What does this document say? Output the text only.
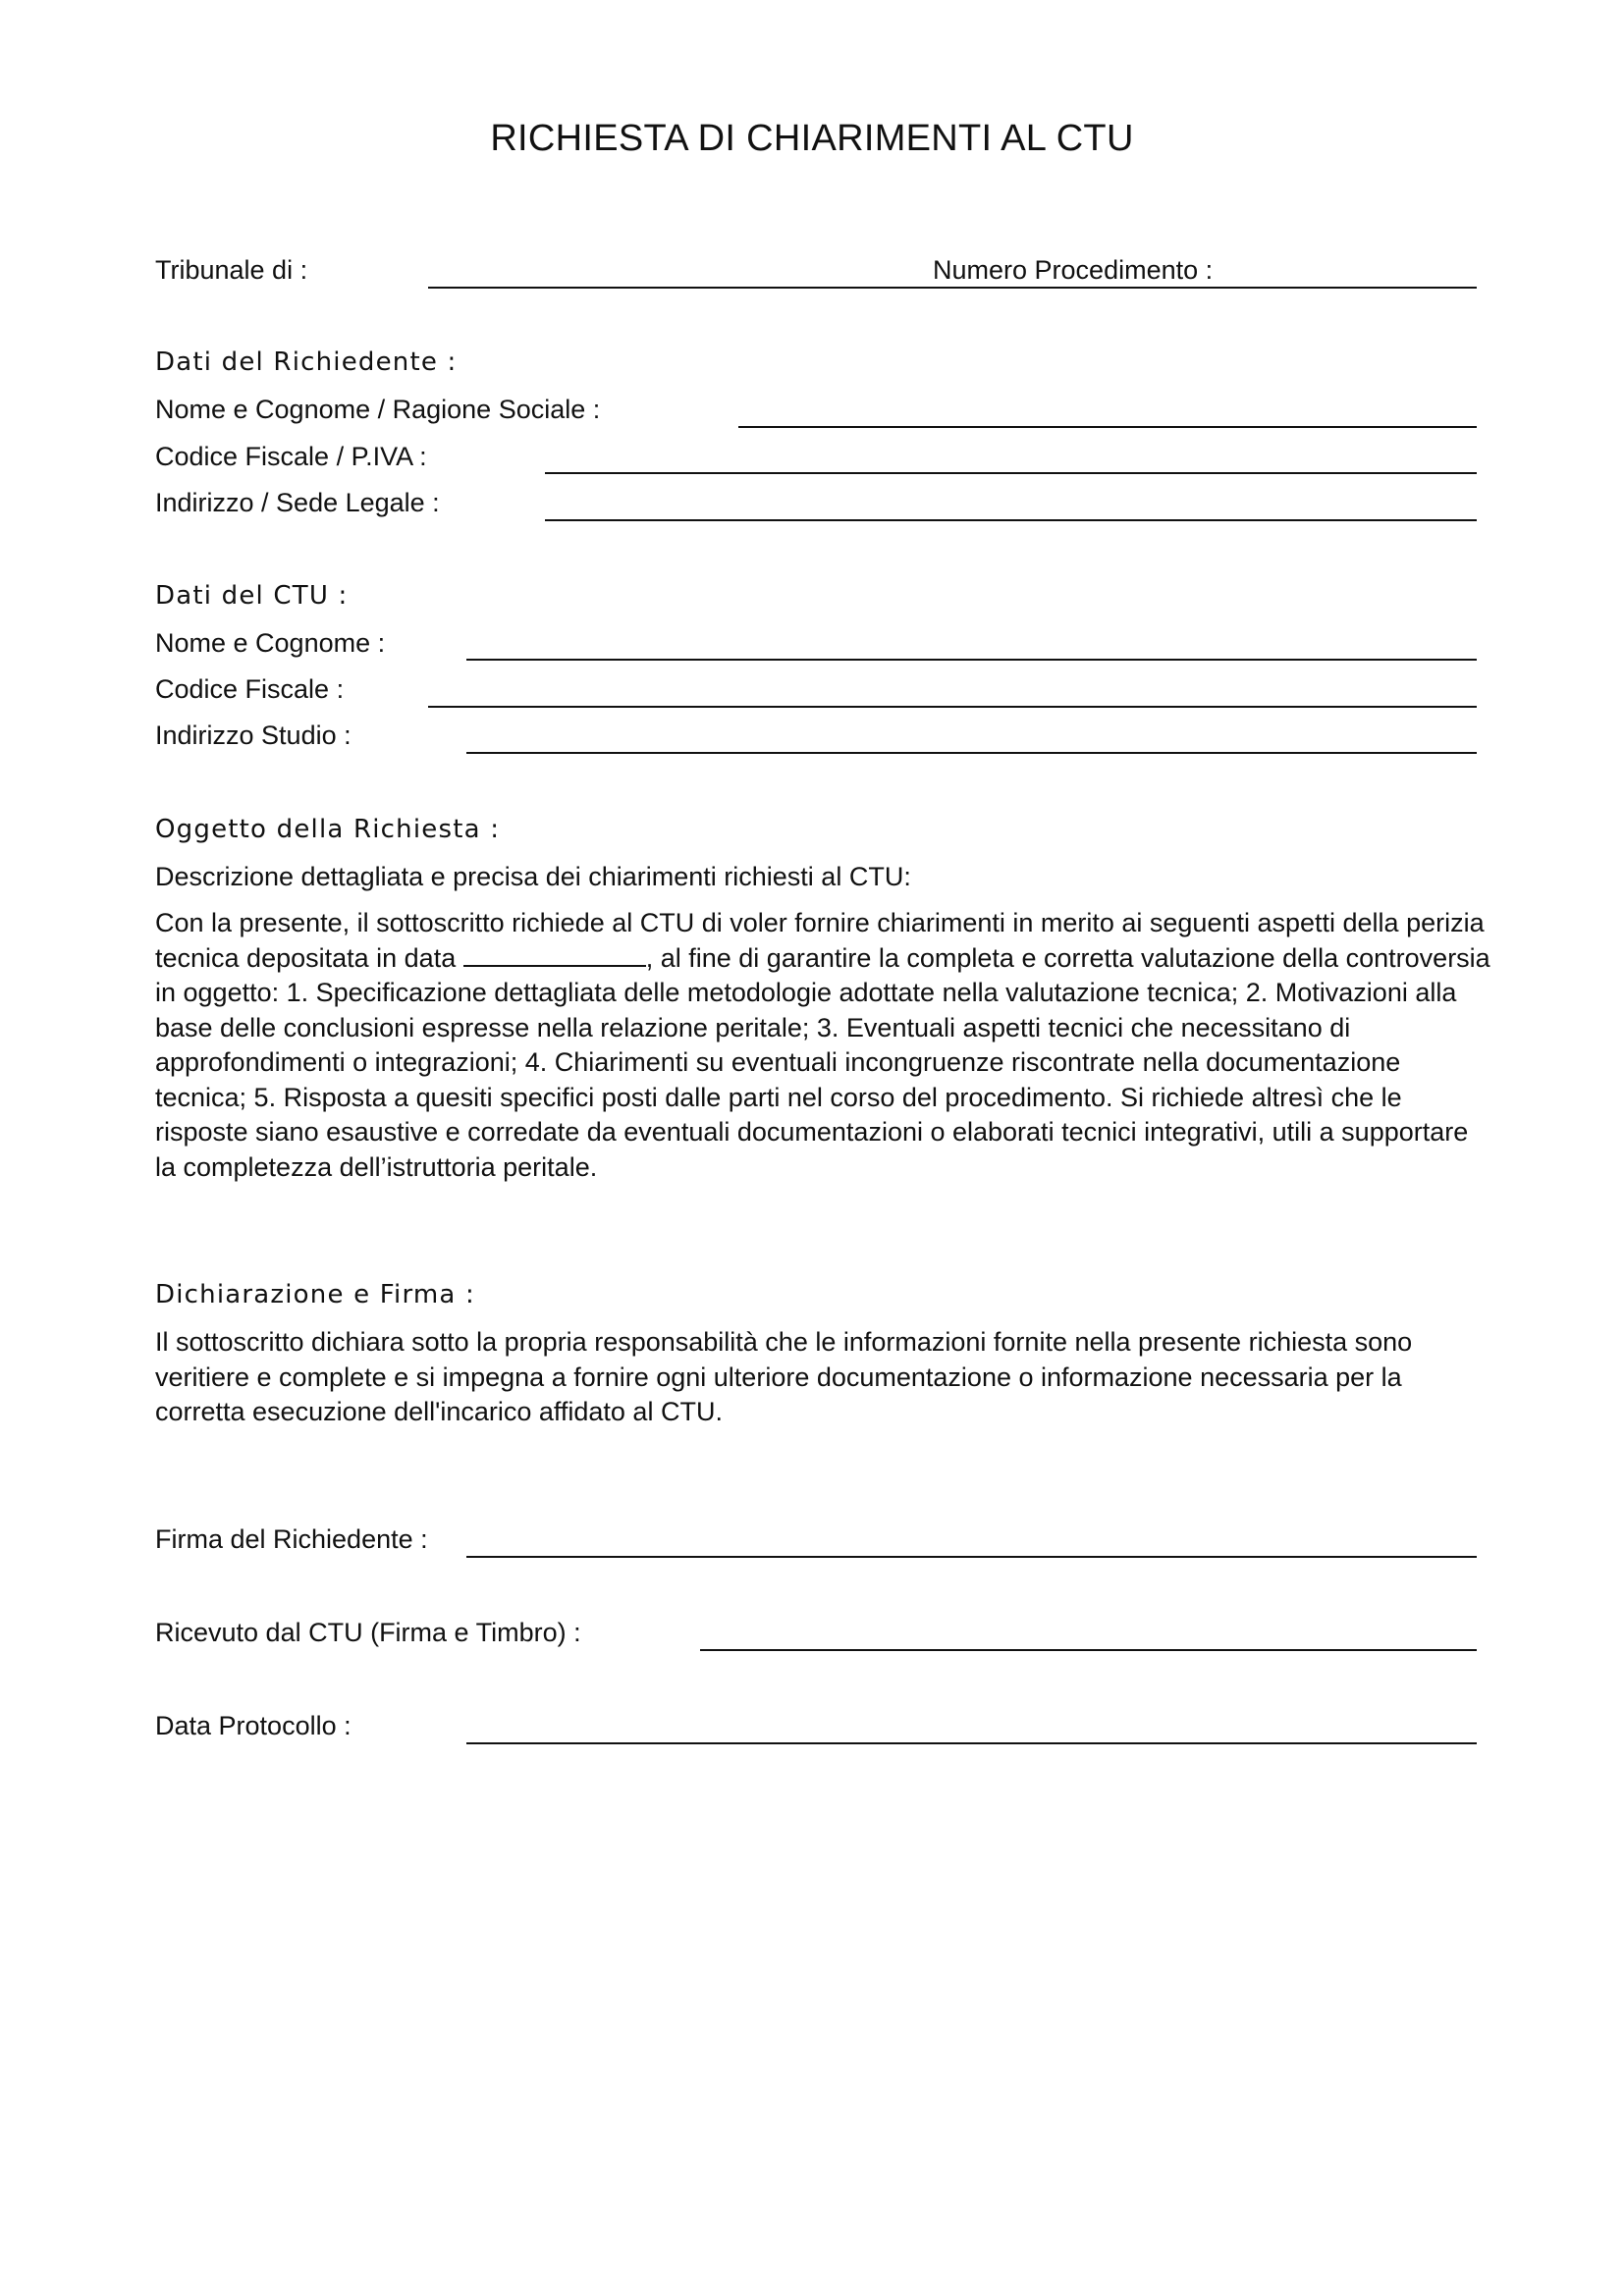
RICHIESTA DI CHIARIMENTI AL CTU
Tribunale di :	Numero Procedimento :
Dati del Richiedente :
Nome e Cognome / Ragione Sociale :
Codice Fiscale / P.IVA :
Indirizzo / Sede Legale :
Dati del CTU :
Nome e Cognome :
Codice Fiscale :
Indirizzo Studio :
Oggetto della Richiesta :
Descrizione dettagliata e precisa dei chiarimenti richiesti al CTU:

Con la presente, il sottoscritto richiede al CTU di voler fornire chiarimenti in merito ai seguenti aspetti della perizia tecnica depositata in data	, al fine di garantire la completa e corretta valutazione della controversia in oggetto: 1. Specificazione dettagliata delle metodologie adottate nella valutazione tecnica; 2. Motivazioni alla base delle conclusioni espresse nella relazione peritale; 3. Eventuali aspetti tecnici che necessitano di approfondimenti o integrazioni; 4. Chiarimenti su eventuali incongruenze riscontrate nella documentazione tecnica; 5. Risposta a quesiti specifici posti dalle parti nel corso del procedimento. Si richiede altresì che le risposte siano esaustive e corredate da eventuali documentazioni o elaborati tecnici integrativi, utili a supportare la completezza dell’istruttoria peritale.

Dichiarazione e Firma :

Il sottoscritto dichiara sotto la propria responsabilità che le informazioni fornite nella presente richiesta sono veritiere e complete e si impegna a fornire ogni ulteriore documentazione o informazione necessaria per la corretta esecuzione dell'incarico affidato al CTU.

Firma del Richiedente :
Ricevuto dal CTU (Firma e Timbro) :
Data Protocollo :
